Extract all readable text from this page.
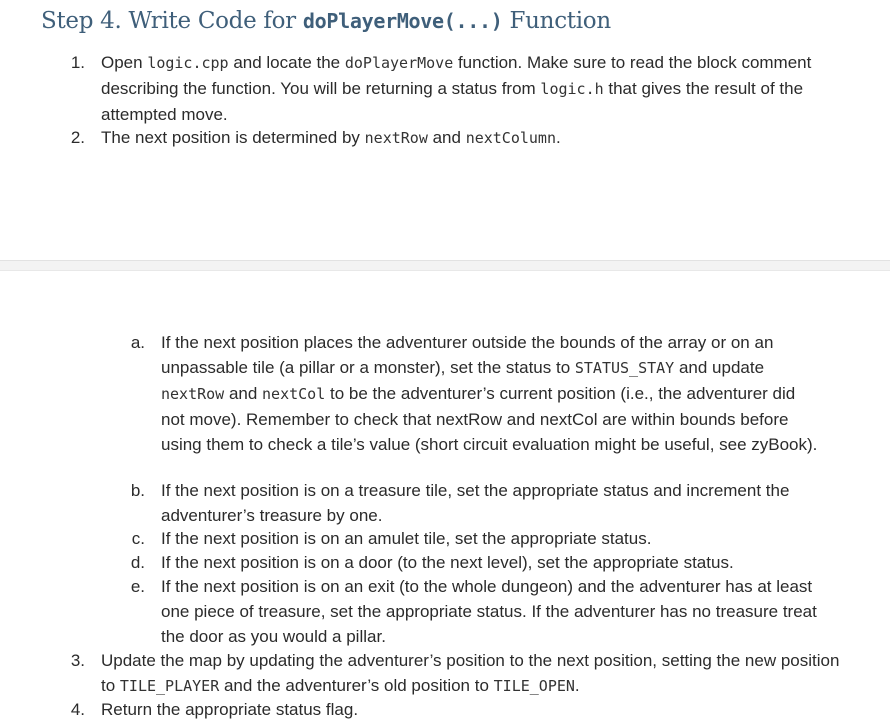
Step 4. Write Code for doPlayerMove(...) Function
1. Open logic.cpp and locate the doPlayerMove function. Make sure to read the block comment describing the function. You will be returning a status from logic.h that gives the result of the attempted move.
2. The next position is determined by nextRow and nextColumn.
a. If the next position places the adventurer outside the bounds of the array or on an unpassable tile (a pillar or a monster), set the status to STATUS_STAY and update nextRow and nextCol to be the adventurer’s current position (i.e., the adventurer did not move). Remember to check that nextRow and nextCol are within bounds before using them to check a tile’s value (short circuit evaluation might be useful, see zyBook).
b. If the next position is on a treasure tile, set the appropriate status and increment the adventurer’s treasure by one.
c. If the next position is on an amulet tile, set the appropriate status.
d. If the next position is on a door (to the next level), set the appropriate status.
e. If the next position is on an exit (to the whole dungeon) and the adventurer has at least one piece of treasure, set the appropriate status. If the adventurer has no treasure treat the door as you would a pillar.
3. Update the map by updating the adventurer’s position to the next position, setting the new position to TILE_PLAYER and the adventurer’s old position to TILE_OPEN.
4. Return the appropriate status flag.
